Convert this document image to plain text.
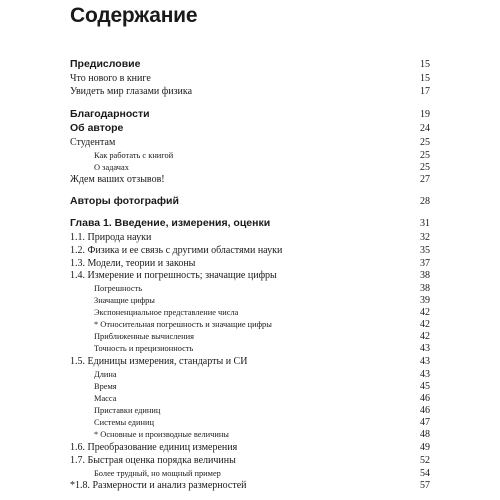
Содержание
Предисловие	15
Что нового в книге	15
Увидеть мир глазами физика	17
Благодарности	19
Об авторе	24
Студентам	25
Как работать с книгой	25
О задачах	25
Ждем ваших отзывов!	27
Авторы фотографий	28
Глава 1. Введение, измерения, оценки	31
1.1. Природа науки	32
1.2. Физика и ее связь с другими областями науки	35
1.3. Модели, теории и законы	37
1.4. Измерение и погрешность; значащие цифры	38
Погрешность	38
Значащие цифры	39
Экспоненциальное представление числа	42
* Относительная погрешность и значащие цифры	42
Приближенные вычисления	42
Точность и прецизионность	43
1.5. Единицы измерения, стандарты и СИ	43
Длина	43
Время	45
Масса	46
Приставки единиц	46
Системы единиц	47
* Основные и производные величины	48
1.6. Преобразование единиц измерения	49
1.7. Быстрая оценка порядка величины	52
Более трудный, но мощный пример	54
*1.8. Размерности и анализ размерностей	57
